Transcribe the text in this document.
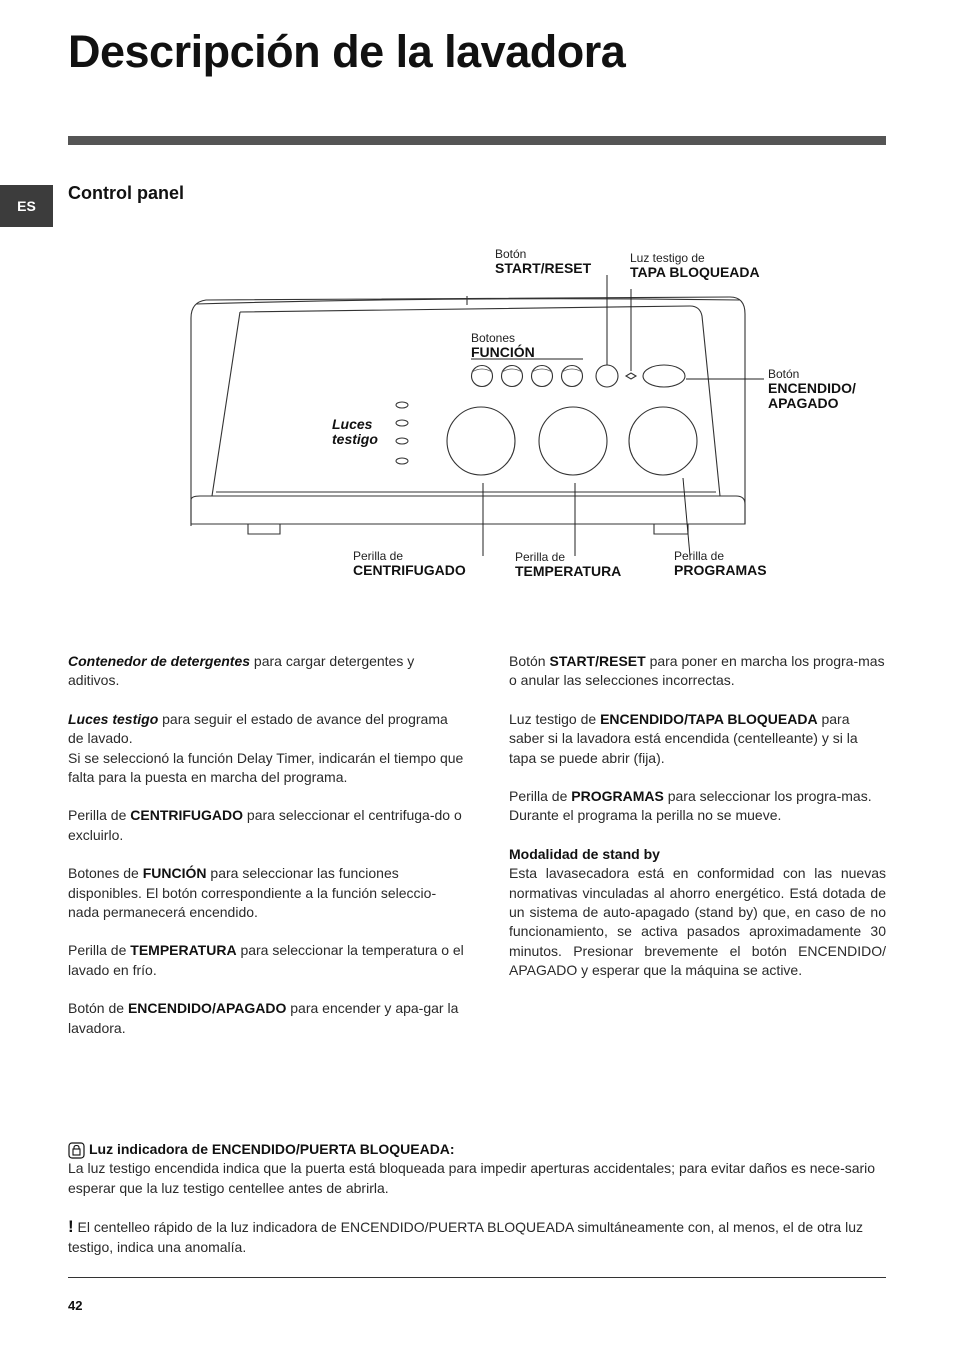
Descripción de la lavadora
ES
Control panel
Botón
START/RESET
Luz testigo de
TAPA BLOQUEADA
Botones
FUNCIÓN
Botón
ENCENDIDO/
APAGADO
Luces
testigo
Perilla de
CENTRIFUGADO
Perilla de
TEMPERATURA
Perilla de
PROGRAMAS

Contenedor de detergentes para cargar detergentes y aditivos.

Luces testigo para seguir el estado de avance del programa de lavado.
Si se seleccionó la función Delay Timer, indicarán el tiempo que falta para la puesta en marcha del programa.

Perilla de CENTRIFUGADO para seleccionar el centrifuga-do o excluirlo.

Botones de FUNCIÓN para seleccionar las funciones disponibles. El botón correspondiente a la función seleccio-nada permanecerá encendido.

Perilla de TEMPERATURA para seleccionar la temperatura o el lavado en frío.

Botón de ENCENDIDO/APAGADO para encender y apa-gar la lavadora.

Botón START/RESET para poner en marcha los progra-mas o anular las selecciones incorrectas.

Luz testigo de ENCENDIDO/TAPA BLOQUEADA para saber si la lavadora está encendida (centelleante) y si la tapa se puede abrir (fija).

Perilla de PROGRAMAS para seleccionar los progra-mas.
Durante el programa la perilla no se mueve.

Modalidad de stand by

Esta lavasecadora está en conformidad con las nuevas normativas vinculadas al ahorro energético. Está dotada de un sistema de auto-apagado (stand by) que, en caso de no funcionamiento, se activa pasados aproximadamente 30 minutos. Presionar brevemente el botón ENCENDIDO/ APAGADO y esperar que la máquina se active.

Luz indicadora de ENCENDIDO/PUERTA BLOQUEADA:
La luz testigo encendida indica que la puerta está bloqueada para impedir aperturas accidentales; para evitar daños es nece-sario esperar que la luz testigo centellee antes de abrirla.
! El centelleo rápido de la luz indicadora de ENCENDIDO/PUERTA BLOQUEADA simultáneamente con, al menos, el de otra luz testigo, indica una anomalía.
42
